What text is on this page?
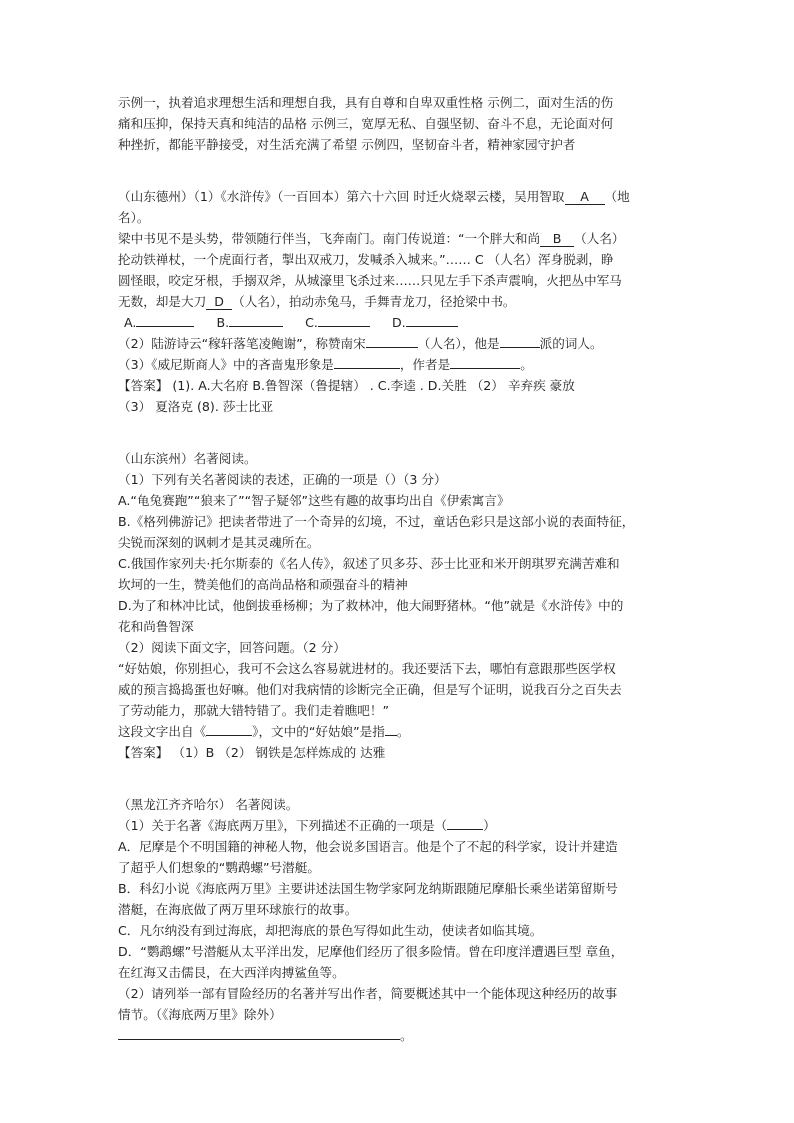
示例一，执着追求理想生活和理想自我，具有自尊和自卑双重性格 示例二，面对生活的伤

痛和压抑，保持天真和纯洁的品格 示例三，宽厚无私、自强坚韧、奋斗不息，无论面对何

种挫折，都能平静接受，对生活充满了希望 示例四，坚韧奋斗者，精神家园守护者

（山东德州）（1）《水浒传》（一百回本）第六十六回 时迁火烧翠云楼，吴用智取A（地

名）。

梁中书见不是头势，带领随行伴当，飞奔南门。南门传说道：“一个胖大和尚B（人名）

抡动铁禅杖，一个虎面行者，掣出双戒刀，发喊杀入城来。”…… C （人名）浑身脱剥，睁

圆怪眼，咬定牙根，手搦双斧，从城濠里飞杀过来……只见左手下杀声震响，火把丛中军马

无数，却是大刀D（人名），拍动赤兔马，手舞青龙刀，径抢梁中书。

A.	B.	C.	D.

（2）陆游诗云“稼轩落笔凌鲍谢”，称赞南宋	（人名），他是	派的词人。

（3）《威尼斯商人》中的吝啬鬼形象是	，作者是	。

【答案】 (1). A.大名府 B.鲁智深（鲁提辖） . C.李逵 . D.关胜 （2） 辛弃疾 豪放

（3） 夏洛克 (8). 莎士比亚

（山东滨州）名著阅读。

（1）下列有关名著阅读的表述，正确的一项是（）（3 分）

A.“龟兔赛跑”“狼来了”“智子疑邻”这些有趣的故事均出自《伊索寓言》

B.《格列佛游记》把读者带进了一个奇异的幻境，不过，童话色彩只是这部小说的表面特征，

尖锐而深刻的讽刺才是其灵魂所在。

C.俄国作家列夫·托尔斯泰的《名人传》，叙述了贝多芬、莎士比亚和米开朗琪罗充满苦难和

坎坷的一生，赞美他们的高尚品格和顽强奋斗的精神

D.为了和林冲比试，他倒拔垂杨柳；为了救林冲，他大闹野猪林。“他”就是《水浒传》中的

花和尚鲁智深

（2）阅读下面文字，回答问题。（2 分）

“好姑娘，你别担心，我可不会这么容易就进材的。我还要活下去，哪怕有意跟那些医学权

威的预言捣捣蛋也好嘛。他们对我病情的诊断完全正确，但是写个证明，说我百分之百失去

了劳动能力，那就大错特错了。我们走着瞧吧！”

这段文字出自《	》，文中的“好姑娘”是指 。

【答案】 （1）B （2） 钢铁是怎样炼成的 达雅

（黑龙江齐齐哈尔） 名著阅读。

（1）关于名著《海底两万里》，下列描述不正确的一项是（	）

A．尼摩是个不明国籍的神秘人物，他会说多国语言。他是个了不起的科学家，设计并建造

了超乎人们想象的“鹦鹉螺”号潜艇。

B．科幻小说《海底两万里》主要讲述法国生物学家阿龙纳斯跟随尼摩船长乘坐诺第留斯号

潜艇，在海底做了两万里环球旅行的故事。

C．凡尔纳没有到过海底，却把海底的景色写得如此生动，使读者如临其境。

D．“鹦鹉螺”号潜艇从太平洋出发，尼摩他们经历了很多险情。曾在印度洋遭遇巨型 章鱼，

在红海又击儒艮，在大西洋肉搏鲨鱼等。

（2）请列举一部有冒险经历的名著并写出作者，简要概述其中一个能体现这种经历的故事

情节。（《海底两万里》除外）

。
